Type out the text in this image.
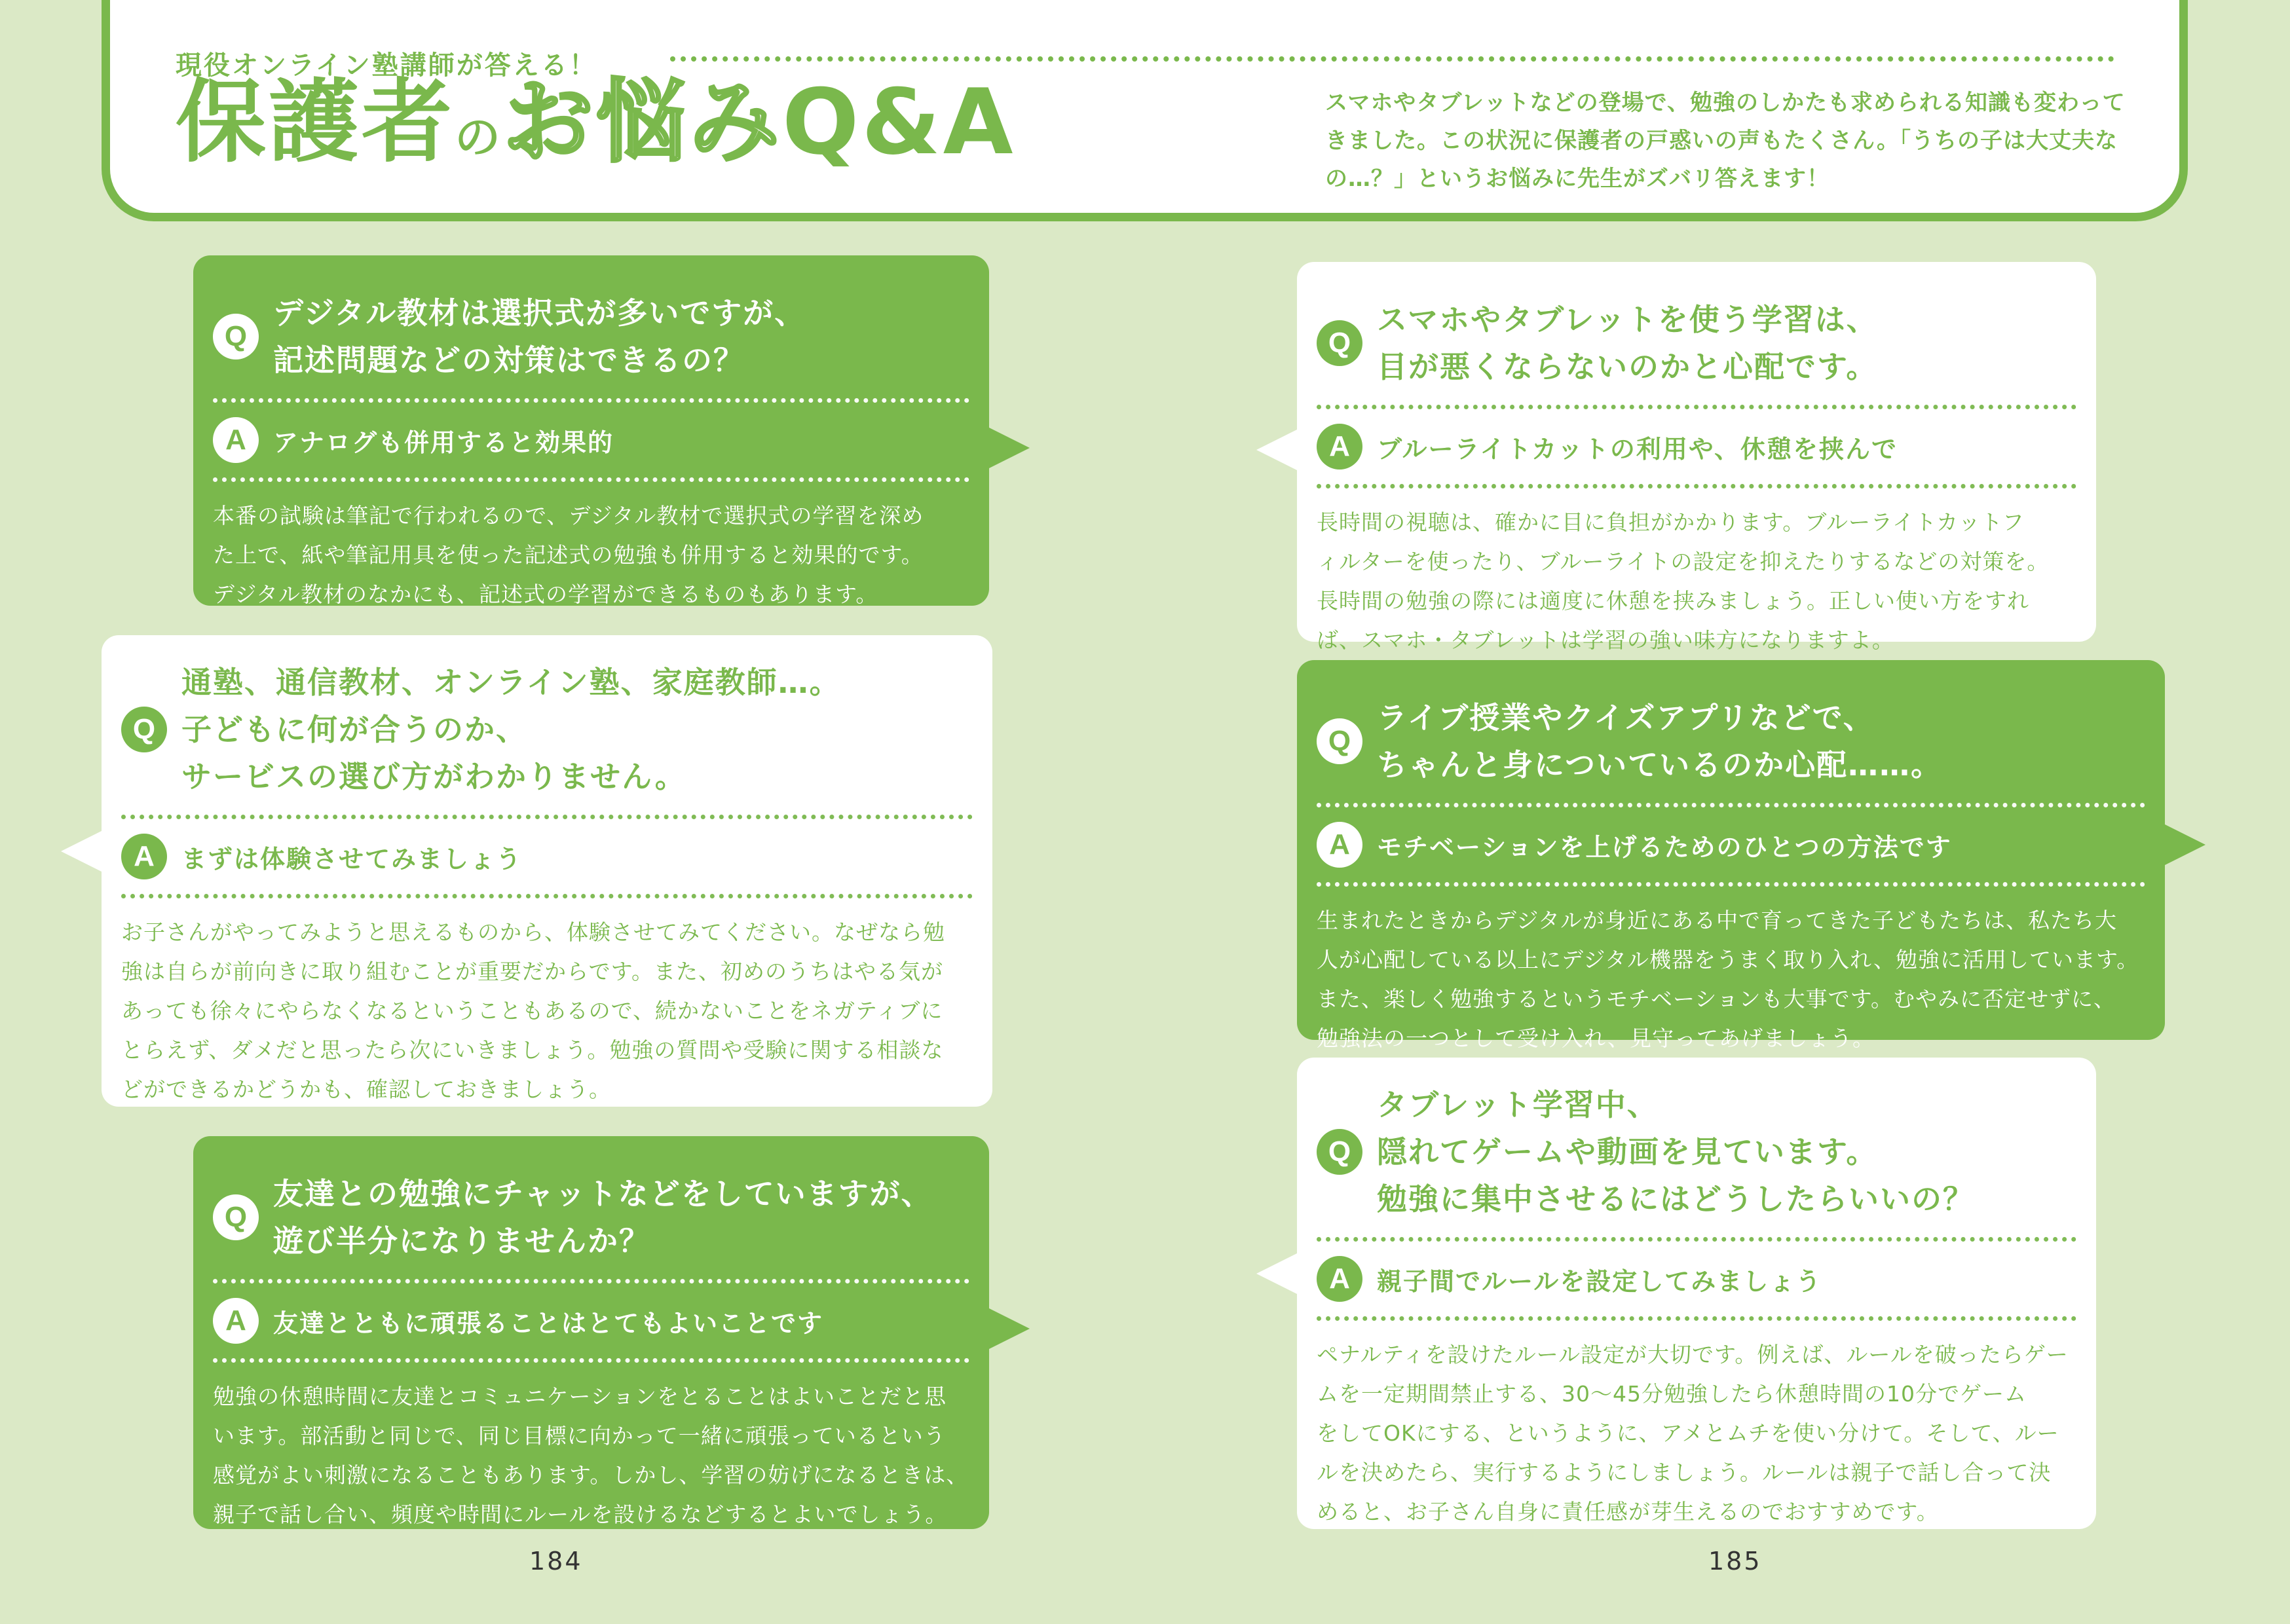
現役オンライン塾講師が答える！
保護者のお悩みQ&A	スマホやタブレットなどの登場で、勉強のしかたも求められる知識も変わって
きました。この状況に保護者の戸惑いの声もたくさん。「うちの子は大丈夫な
の…？」というお悩みに先生がズバリ答えます！
Q
デジタル教材は選択式が多いですが、
記述問題などの対策はできるの？
A	アナログも併用すると効果的
本番の試験は筆記で行われるので、デジタル教材で選択式の学習を深め
た上で、紙や筆記用具を使った記述式の勉強も併用すると効果的です。
デジタル教材のなかにも、記述式の学習ができるものもあります。
Q
通塾、通信教材、オンライン塾、家庭教師…。
子どもに何が合うのか、
サービスの選び方がわかりません。
A	まずは体験させてみましょう
お子さんがやってみようと思えるものから、体験させてみてください。なぜなら勉
強は自らが前向きに取り組むことが重要だからです。また、初めのうちはやる気が
あっても徐々にやらなくなるということもあるので、続かないことをネガティブに
とらえず、ダメだと思ったら次にいきましょう。勉強の質問や受験に関する相談な
どができるかどうかも、確認しておきましょう。
Q
友達との勉強にチャットなどをしていますが、
遊び半分になりませんか？
A	友達とともに頑張ることはとてもよいことです
勉強の休憩時間に友達とコミュニケーションをとることはよいことだと思
います。部活動と同じで、同じ目標に向かって一緒に頑張っているという
感覚がよい刺激になることもあります。しかし、学習の妨げになるときは、
親子で話し合い、頻度や時間にルールを設けるなどするとよいでしょう。
Q
スマホやタブレットを使う学習は、
目が悪くならないのかと心配です。
A	ブルーライトカットの利用や、休憩を挟んで
長時間の視聴は、確かに目に負担がかかります。ブルーライトカットフ
ィルターを使ったり、ブルーライトの設定を抑えたりするなどの対策を。
長時間の勉強の際には適度に休憩を挟みましょう。正しい使い方をすれ
ば、スマホ・タブレットは学習の強い味方になりますよ。
Q
ライブ授業やクイズアプリなどで、
ちゃんと身についているのか心配……。
A	モチベーションを上げるためのひとつの方法です
生まれたときからデジタルが身近にある中で育ってきた子どもたちは、私たち大
人が心配している以上にデジタル機器をうまく取り入れ、勉強に活用しています。
また、楽しく勉強するというモチベーションも大事です。むやみに否定せずに、
勉強法の一つとして受け入れ、見守ってあげましょう。
Q
タブレット学習中、
隠れてゲームや動画を見ています。
勉強に集中させるにはどうしたらいいの？
A	親子間でルールを設定してみましょう
ペナルティを設けたルール設定が大切です。例えば、ルールを破ったらゲー
ムを一定期間禁止する、30～45分勉強したら休憩時間の10分でゲーム
をしてOKにする、というように、アメとムチを使い分けて。そして、ルー
ルを決めたら、実行するようにしましょう。ルールは親子で話し合って決
めると、お子さん自身に責任感が芽生えるのでおすすめです。
184	185
